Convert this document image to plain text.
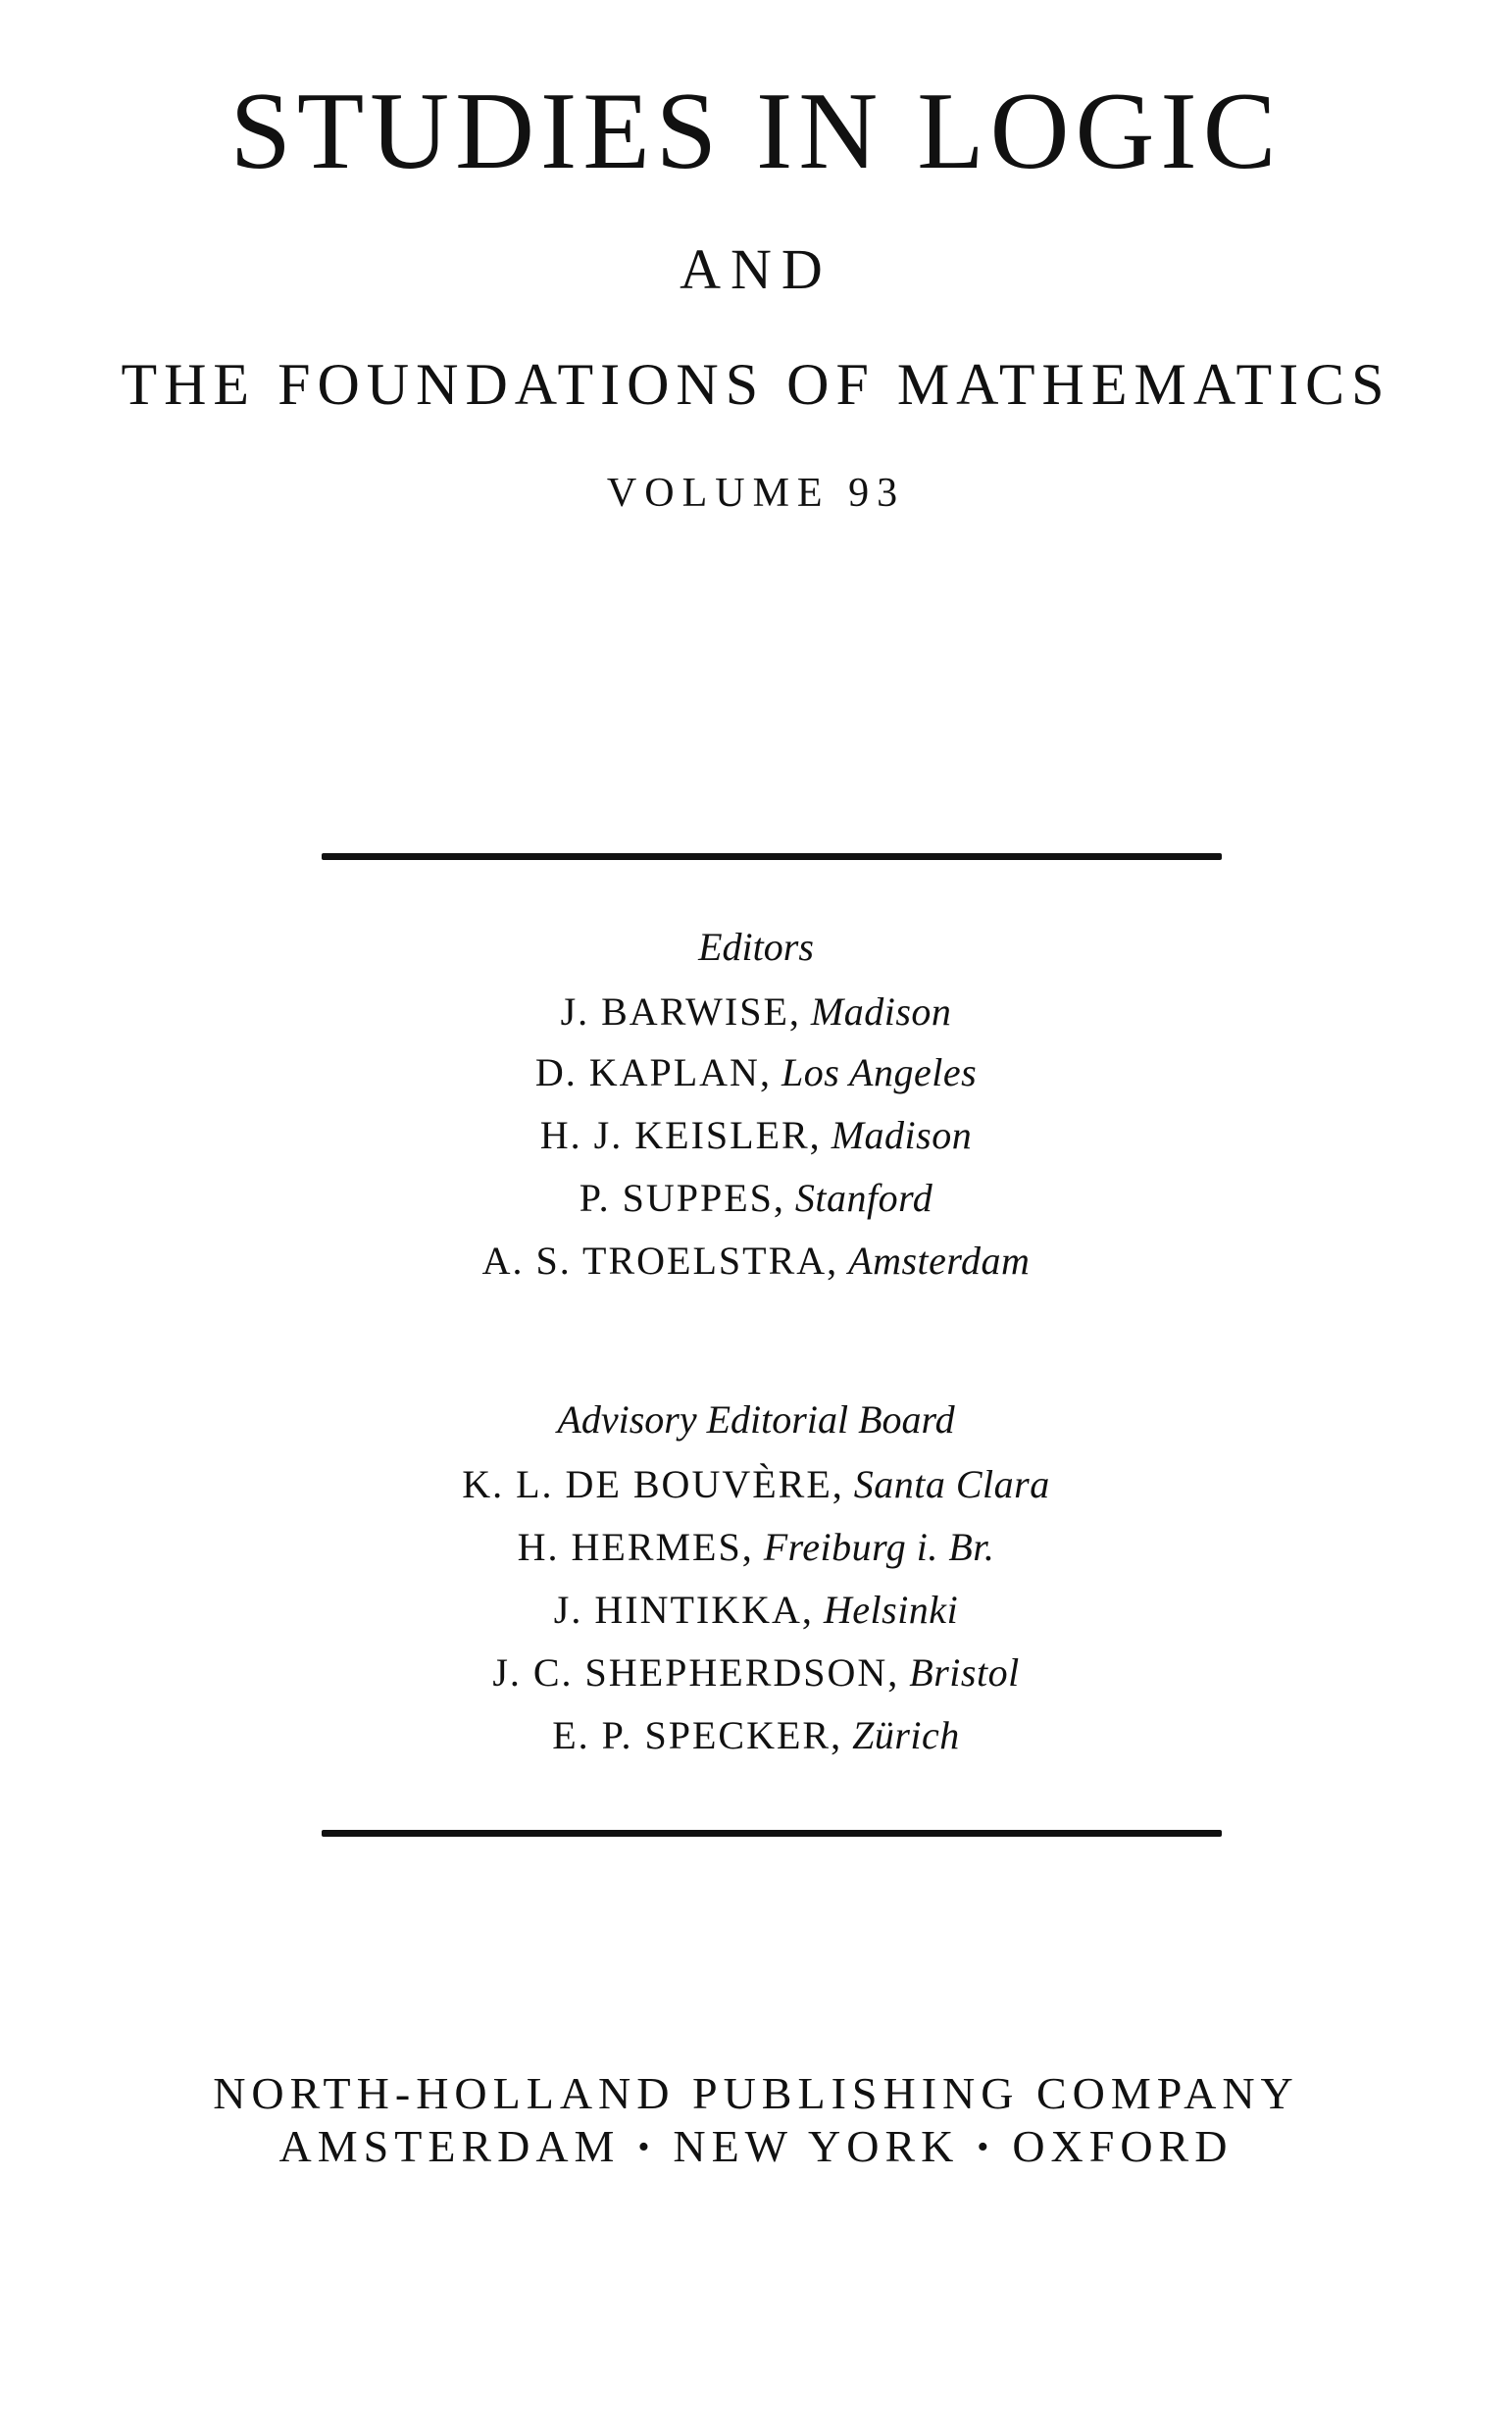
STUDIES IN LOGIC
AND
THE FOUNDATIONS OF MATHEMATICS
VOLUME 93
Editors
J. BARWISE, Madison
D. KAPLAN, Los Angeles
H. J. KEISLER, Madison
P. SUPPES, Stanford
A. S. TROELSTRA, Amsterdam
Advisory Editorial Board
K. L. DE BOUVÈRE, Santa Clara
H. HERMES, Freiburg i. Br.
J. HINTIKKA, Helsinki
J. C. SHEPHERDSON, Bristol
E. P. SPECKER, Zürich
NORTH-HOLLAND PUBLISHING COMPANY
AMSTERDAM • NEW YORK • OXFORD
